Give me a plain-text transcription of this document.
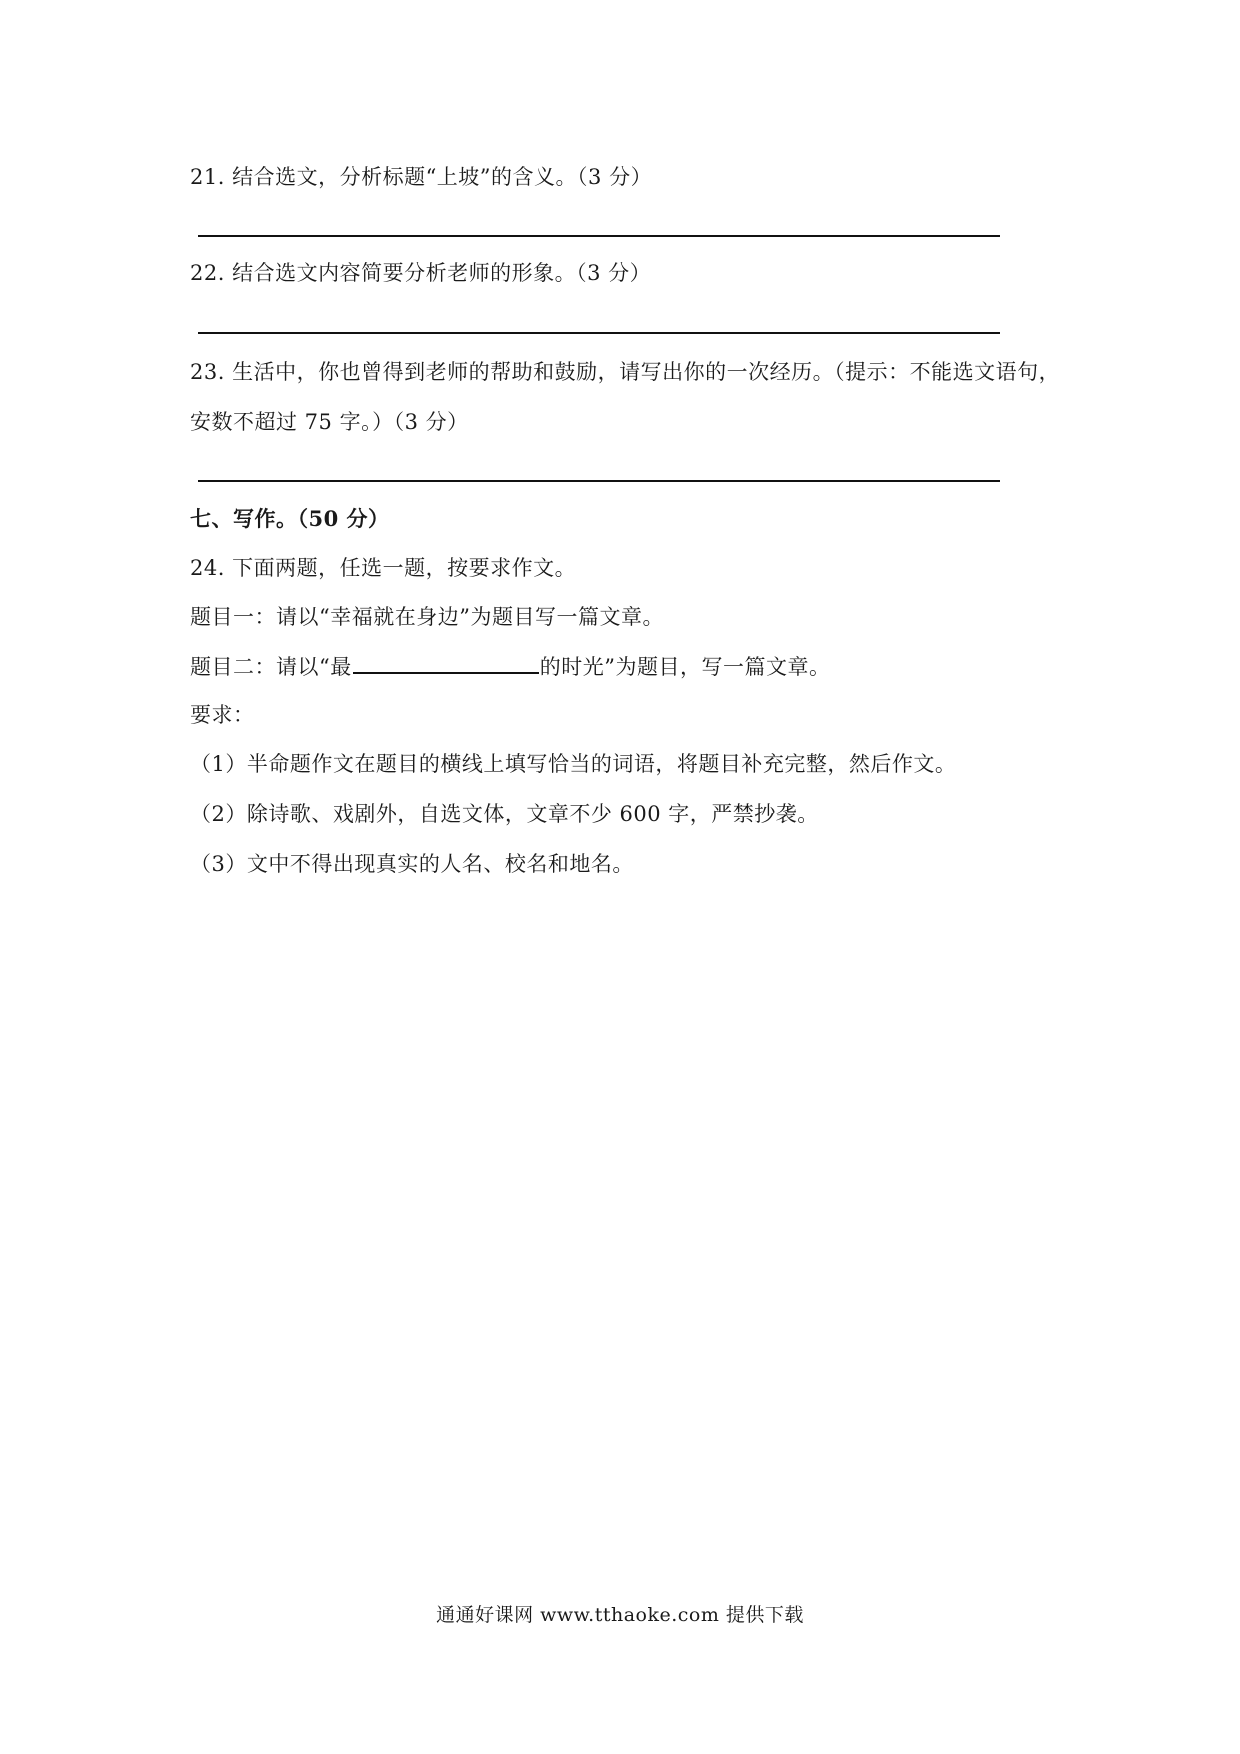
21. 结合选文，分析标题“上坡”的含义。（3 分）
22. 结合选文内容简要分析老师的形象。（3 分）
23. 生活中，你也曾得到老师的帮助和鼓励，请写出你的一次经历。（提示：不能选文语句，
安数不超过 75 字。）（3 分）
七、写作。（50 分）
24. 下面两题，任选一题，按要求作文。
题目一：请以“幸福就在身边”为题目写一篇文章。
题目二：请以“最	的时光”为题目，写一篇文章。
要求：
（1）半命题作文在题目的横线上填写恰当的词语，将题目补充完整，然后作文。
（2）除诗歌、戏剧外，自选文体，文章不少 600 字，严禁抄袭。
（3）文中不得出现真实的人名、校名和地名。
通通好课网 www.tthaoke.com 提供下载
